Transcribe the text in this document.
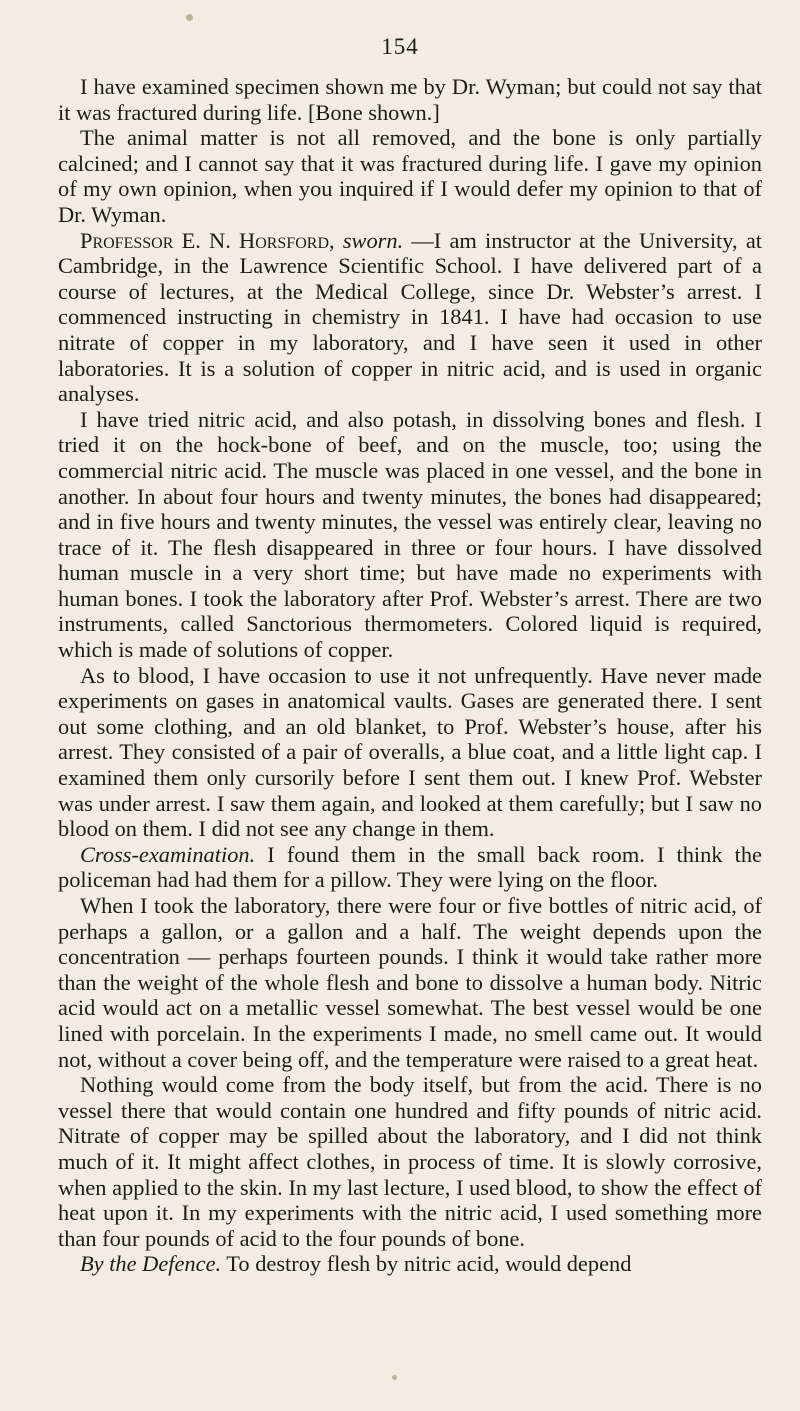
154

I have examined specimen shown me by Dr. Wyman; but could not say that it was fractured during life. [Bone shown.]

The animal matter is not all removed, and the bone is only partially calcined; and I cannot say that it was fractured during life. I gave my opinion of my own opinion, when you inquired if I would defer my opinion to that of Dr. Wyman.

Professor E. N. Horsford, sworn. —I am instructor at the University, at Cambridge, in the Lawrence Scientific School. I have delivered part of a course of lectures, at the Medical College, since Dr. Webster’s arrest. I commenced instructing in chemistry in 1841. I have had occasion to use nitrate of copper in my laboratory, and I have seen it used in other laboratories. It is a solution of copper in nitric acid, and is used in organic analyses.

I have tried nitric acid, and also potash, in dissolving bones and flesh. I tried it on the hock-bone of beef, and on the muscle, too; using the commercial nitric acid. The muscle was placed in one vessel, and the bone in another. In about four hours and twenty minutes, the bones had disappeared; and in five hours and twenty minutes, the vessel was entirely clear, leaving no trace of it. The flesh disappeared in three or four hours. I have dissolved human muscle in a very short time; but have made no experiments with human bones. I took the laboratory after Prof. Webster’s arrest. There are two instruments, called Sanctorious thermometers. Colored liquid is required, which is made of solutions of copper.

As to blood, I have occasion to use it not unfrequently. Have never made experiments on gases in anatomical vaults. Gases are generated there. I sent out some clothing, and an old blanket, to Prof. Webster’s house, after his arrest. They consisted of a pair of overalls, a blue coat, and a little light cap. I examined them only cursorily before I sent them out. I knew Prof. Webster was under arrest. I saw them again, and looked at them carefully; but I saw no blood on them. I did not see any change in them.

Cross-examination. I found them in the small back room. I think the policeman had had them for a pillow. They were lying on the floor.

When I took the laboratory, there were four or five bottles of nitric acid, of perhaps a gallon, or a gallon and a half. The weight depends upon the concentration — perhaps fourteen pounds. I think it would take rather more than the weight of the whole flesh and bone to dissolve a human body. Nitric acid would act on a metallic vessel somewhat. The best vessel would be one lined with porcelain. In the experiments I made, no smell came out. It would not, without a cover being off, and the temperature were raised to a great heat.

Nothing would come from the body itself, but from the acid. There is no vessel there that would contain one hundred and fifty pounds of nitric acid. Nitrate of copper may be spilled about the laboratory, and I did not think much of it. It might affect clothes, in process of time. It is slowly corrosive, when applied to the skin. In my last lecture, I used blood, to show the effect of heat upon it. In my experiments with the nitric acid, I used something more than four pounds of acid to the four pounds of bone.

By the Defence. To destroy flesh by nitric acid, would depend
